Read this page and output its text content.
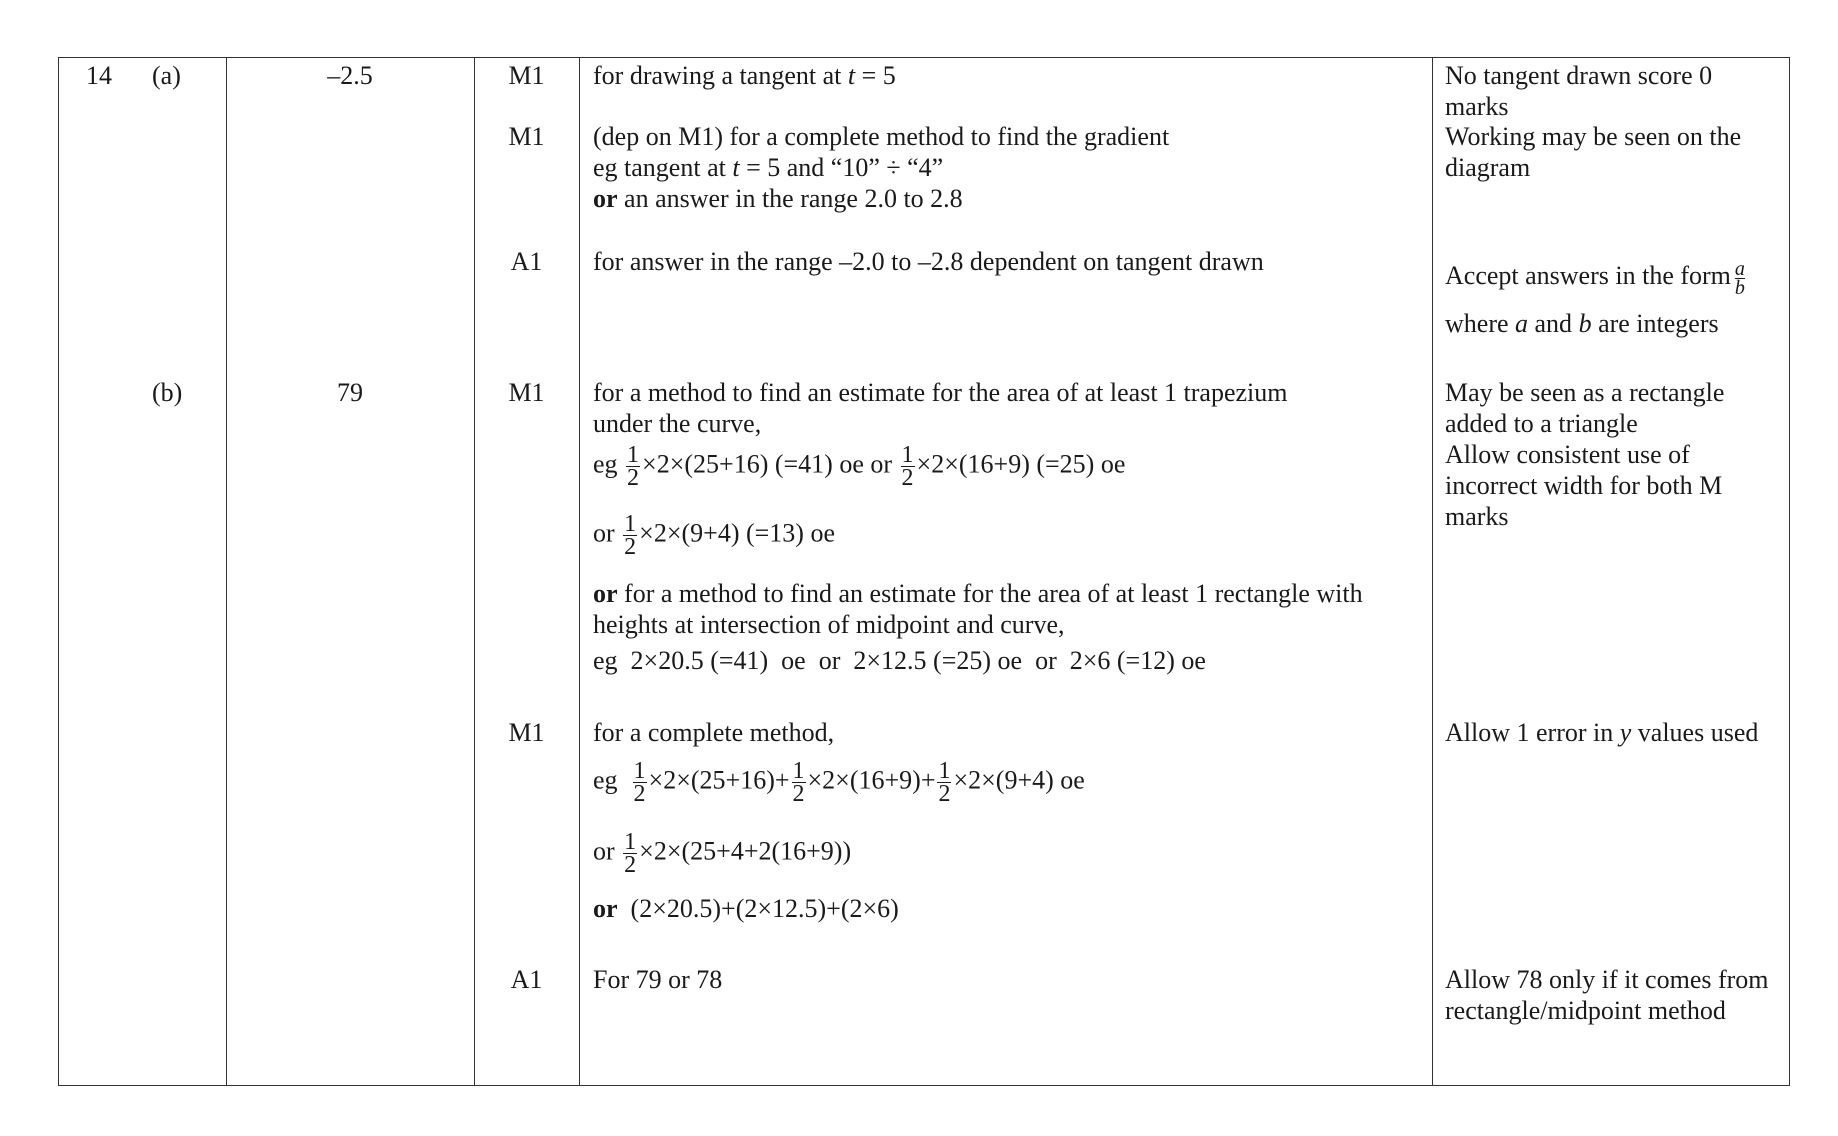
14 (a)
(b)
–2.5
79
M1
M1
A1
M1
M1
A1
for drawing a tangent at t = 5
(dep on M1) for a complete method to find the gradient
eg tangent at t = 5 and “10” ÷ “4”
or an answer in the range 2.0 to 2.8
for answer in the range –2.0 to –2.8 dependent on tangent drawn
for a method to find an estimate for the area of at least 1 trapezium
under the curve,
eg $\frac{1}{2} \times 2\times(25+16)$ (=41) oe or $\frac{1}{2} \times 2\times(16+9)$ (=25) oe
or $\frac{1}{2} \times 2\times(9+4)$ (=13) oe
or for a method to find an estimate for the area of at least 1 rectangle with
heights at intersection of midpoint and curve,
eg  2×20.5 (=41)  oe  or  2×12.5 (=25) oe  or  2×6 (=12) oe
for a complete method,
eg $\frac{1}{2} \times 2\times(25+16)+ \frac{1}{2} \times 2\times(16+9)+ \frac{1}{2} \times 2\times(9+4)$ oe
or $\frac{1}{2} \times 2\times(25+4+2(16+9))$
or (2×20.5)+(2×12.5)+(2×6)
For 79 or 78
No tangent drawn score 0
marks
Working may be seen on the
diagram
Accept answers in the form $\frac{a}{b}$
where a and b are integers
May be seen as a rectangle
added to a triangle
Allow consistent use of
incorrect width for both M
marks
Allow 1 error in y values used
Allow 78 only if it comes from
rectangle/midpoint method
